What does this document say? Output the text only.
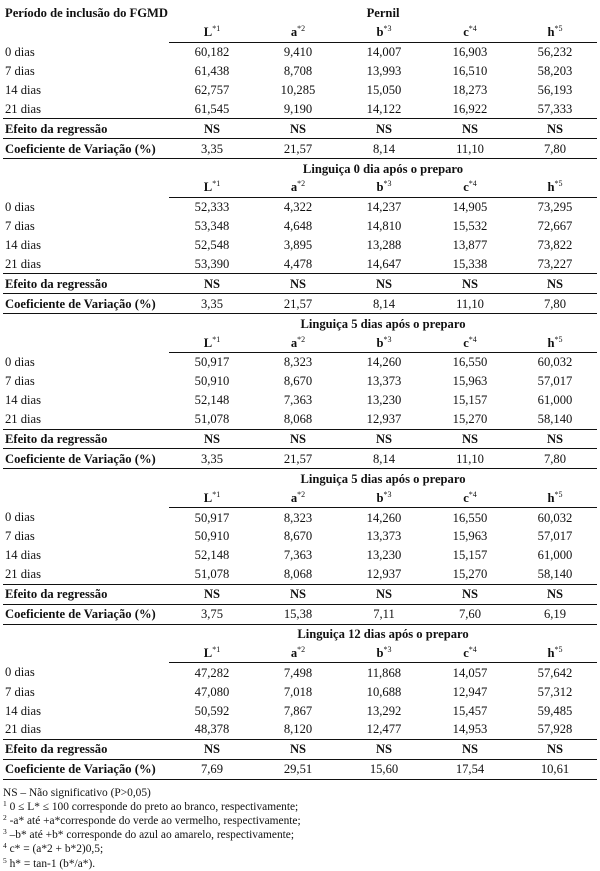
Período de inclusão do FGMD	Pernil				
	$L^{*1}$	$a^{*2}$	$b^{*3}$	$c^{*4}$	$h^{*5}$
0 dias	60,182	9,410	14,007	16,903	56,232
7 dias	61,438	8,708	13,993	16,510	58,203
14 dias	62,757	10,285	15,050	18,273	56,193
21 dias	61,545	9,190	14,122	16,922	57,333
Efeito da regressão	NS	NS	NS	NS	NS
Coeficiente de Variação (%)	3,35	21,57	8,14	11,10	7,80
	Linguiça 0 dia após o preparo				
	$L^{*1}$	$a^{*2}$	$b^{*3}$	$c^{*4}$	$h^{*5}$
0 dias	52,333	4,322	14,237	14,905	73,295
7 dias	53,348	4,648	14,810	15,532	72,667
14 dias	52,548	3,895	13,288	13,877	73,822
21 dias	53,390	4,478	14,647	15,338	73,227
Efeito da regressão	NS	NS	NS	NS	NS
Coeficiente de Variação (%)	3,35	21,57	8,14	11,10	7,80
	Linguiça 5 dias após o preparo				
	$L^{*1}$	$a^{*2}$	$b^{*3}$	$c^{*4}$	$h^{*5}$
0 dias	50,917	8,323	14,260	16,550	60,032
7 dias	50,910	8,670	13,373	15,963	57,017
14 dias	52,148	7,363	13,230	15,157	61,000
21 dias	51,078	8,068	12,937	15,270	58,140
Efeito da regressão	NS	NS	NS	NS	NS
Coeficiente de Variação (%)	3,35	21,57	8,14	11,10	7,80
	Linguiça 5 dias após o preparo				
	$L^{*1}$	$a^{*2}$	$b^{*3}$	$c^{*4}$	$h^{*5}$
0 dias	50,917	8,323	14,260	16,550	60,032
7 dias	50,910	8,670	13,373	15,963	57,017
14 dias	52,148	7,363	13,230	15,157	61,000
21 dias	51,078	8,068	12,937	15,270	58,140
Efeito da regressão	NS	NS	NS	NS	NS
Coeficiente de Variação (%)	3,75	15,38	7,11	7,60	6,19
	Linguiça 12 dias após o preparo				
	$L^{*1}$	$a^{*2}$	$b^{*3}$	$c^{*4}$	$h^{*5}$
0 dias	47,282	7,498	11,868	14,057	57,642
7 dias	47,080	7,018	10,688	12,947	57,312
14 dias	50,592	7,867	13,292	15,457	59,485
21 dias	48,378	8,120	12,477	14,953	57,928
Efeito da regressão	NS	NS	NS	NS	NS
Coeficiente de Variação (%)	7,69	29,51	15,60	17,54	10,61
NS – Não significativo (P>0,05)
$^1$ 0 ≤ L* ≤ 100 corresponde do preto ao branco, respectivamente;
$^2$ -a* até +a*corresponde do verde ao vermelho, respectivamente;
$^3$ –b* até +b* corresponde do azul ao amarelo, respectivamente;
$^4$ c* = (a*2 + b*2)0,5;
$^5$ h* = tan-1 (b*/a*).
